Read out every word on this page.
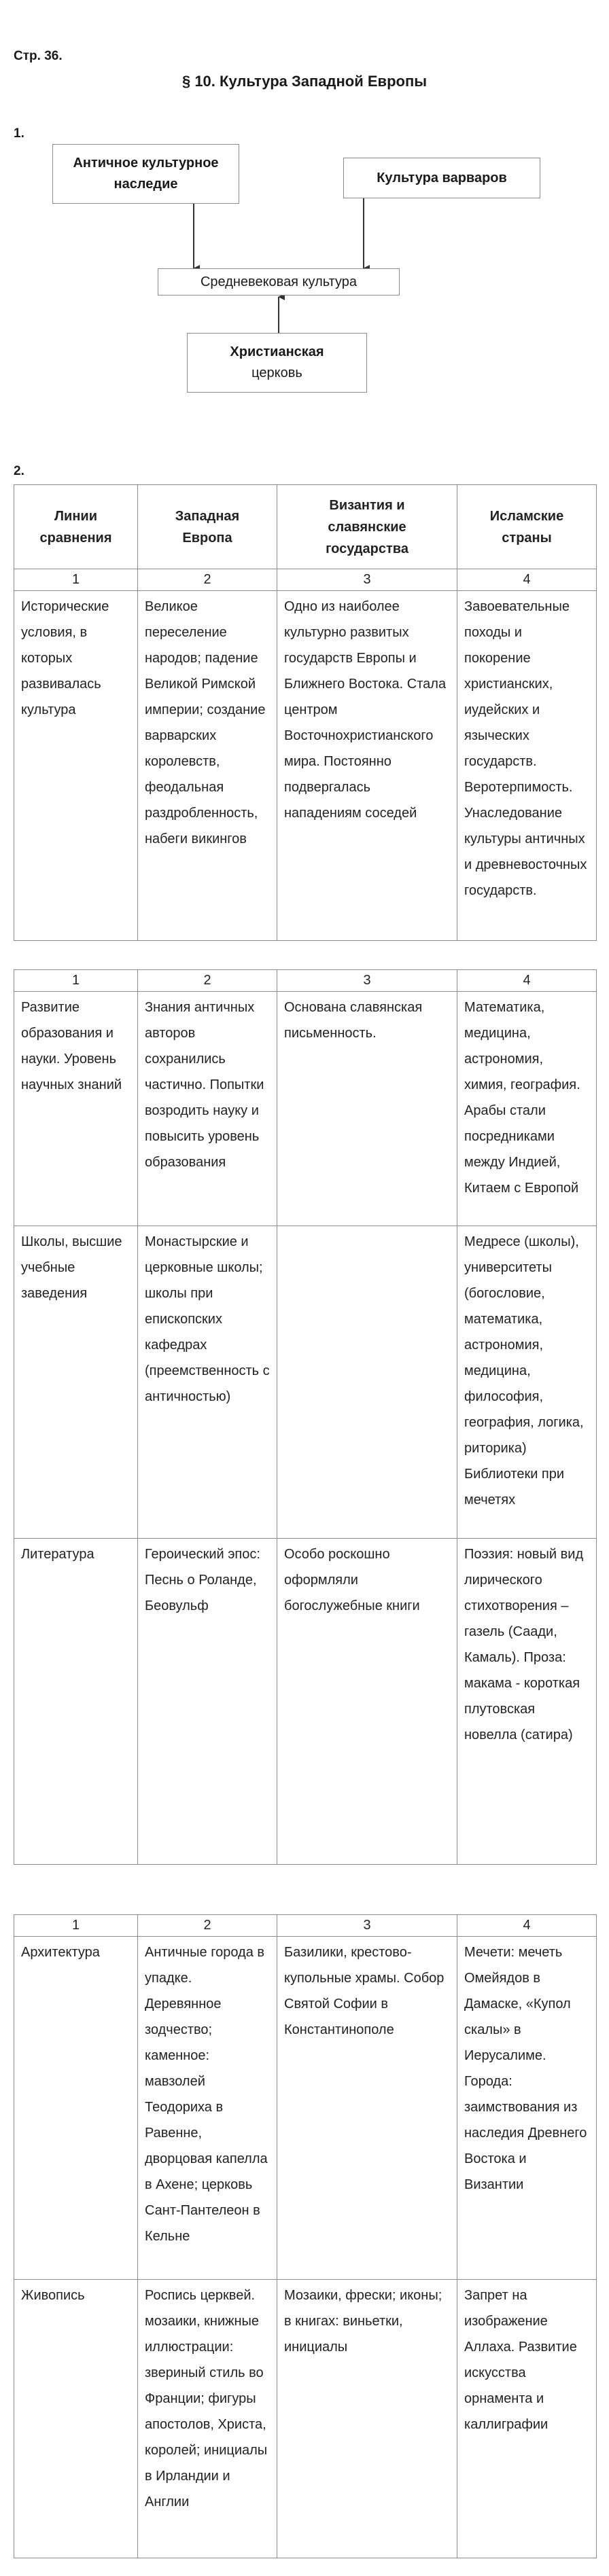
Стр. 36.
§ 10. Культура Западной Европы
1.
Античное культурное
наследие	Культура варваров
Средневековая культура
Христианская
церковь
2.
Линии
сравнения	Западная
Европа	Византия и
славянские
государства	Исламские
страны
1	2	3	4
Исторические условия, в которых развивалась культура	Великое переселение народов; падение Великой Римской империи; создание варварских королевств, феодальная раздробленность, набеги викингов	Одно из наиболее культурно развитых государств Европы и Ближнего Востока. Стала центром Восточнохристианского мира. Постоянно подвергалась нападениям соседей	Завоевательные походы и покорение христианских, иудейских и языческих государств. Веротерпимость. Унаследование культуры античных и древневосточных государств.
1	2	3	4
Развитие образования и науки. Уровень научных знаний	Знания античных авторов сохранились частично. Попытки возродить науку и повысить уровень образования	Основана славянская письменность.	Математика, медицина, астрономия, химия, география. Арабы стали посредниками между Индией, Китаем с Европой
Школы, высшие учебные заведения	Монастырские и церковные школы; школы при епископских кафедрах (преемственность с античностью)		Медресе (школы), университеты (богословие, математика, астрономия, медицина, философия, география, логика, риторика) Библиотеки при мечетях
Литература	Героический эпос: Песнь о Роланде, Беовульф	Особо роскошно оформляли богослужебные книги	Поэзия: новый вид лирического стихотворения – газель (Саади, Камаль). Проза: макама - короткая плутовская новелла (сатира)
1	2	3	4
Архитектура	Античные города в упадке. Деревянное зодчество; каменное: мавзолей Теодориха в Равенне, дворцовая капелла в Ахене; церковь Сант-Пантелеон в Кельне	Базилики, крестово-купольные храмы. Собор Святой Софии в Константинополе	Мечети: мечеть Омейядов в Дамаске, «Купол скалы» в Иерусалиме. Города: заимствования из наследия Древнего Востока и Византии
Живопись	Роспись церквей. мозаики, книжные иллюстрации: звериный стиль во Франции; фигуры апостолов, Христа, королей; инициалы в Ирландии и Англии	Мозаики, фрески; иконы; в книгах: виньетки, инициалы	Запрет на изображение Аллаха. Развитие искусства орнамента и каллиграфии
